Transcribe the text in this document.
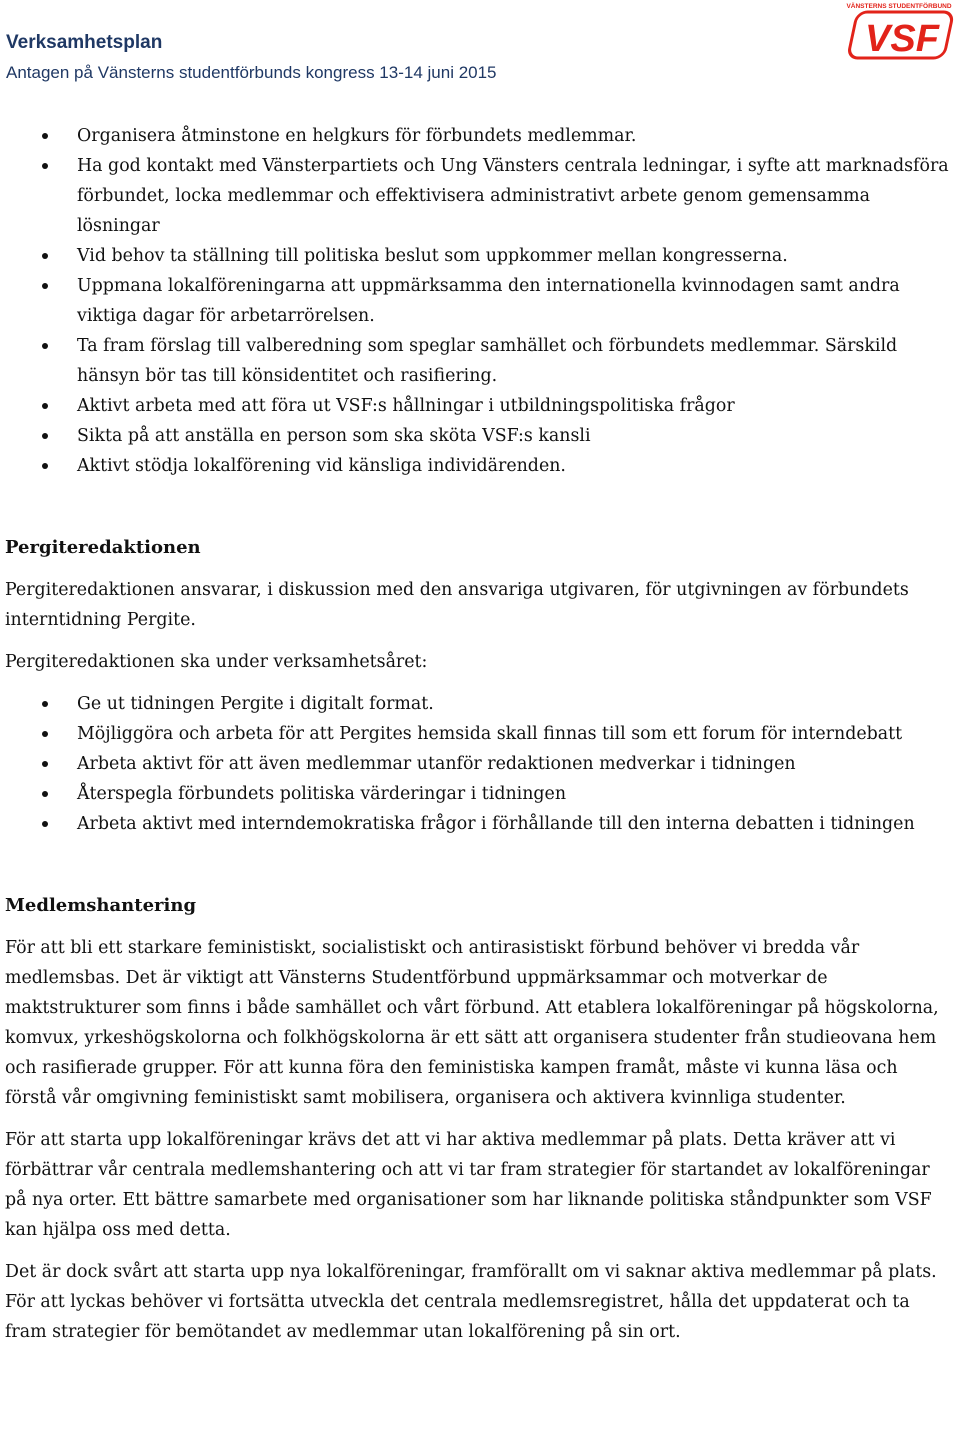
Verksamhetsplan
Antagen på Vänsterns studentförbunds kongress 13-14 juni 2015
VÄNSTERNS STUDENTFÖRBUND
VSF
Organisera åtminstone en helgkurs för förbundets medlemmar.
Ha god kontakt med Vänsterpartiets och Ung Vänsters centrala ledningar, i syfte att marknadsföra förbundet, locka medlemmar och effektivisera administrativt arbete genom gemensamma lösningar
Vid behov ta ställning till politiska beslut som uppkommer mellan kongresserna.
Uppmana lokalföreningarna att uppmärksamma den internationella kvinnodagen samt andra viktiga dagar för arbetarrörelsen.
Ta fram förslag till valberedning som speglar samhället och förbundets medlemmar. Särskild hänsyn bör tas till könsidentitet och rasifiering.
Aktivt arbeta med att föra ut VSF:s hållningar i utbildningspolitiska frågor
Sikta på att anställa en person som ska sköta VSF:s kansli
Aktivt stödja lokalförening vid känsliga individärenden.
Pergiteredaktionen

Pergiteredaktionen ansvarar, i diskussion med den ansvariga utgivaren, för utgivningen av förbundets interntidning Pergite.

Pergiteredaktionen ska under verksamhetsåret:

Ge ut tidningen Pergite i digitalt format.
Möjliggöra och arbeta för att Pergites hemsida skall finnas till som ett forum för interndebatt
Arbeta aktivt för att även medlemmar utanför redaktionen medverkar i tidningen
Återspegla förbundets politiska värderingar i tidningen
Arbeta aktivt med interndemokratiska frågor i förhållande till den interna debatten i tidningen
Medlemshantering

För att bli ett starkare feministiskt, socialistiskt och antirasistiskt förbund behöver vi bredda vår medlemsbas. Det är viktigt att Vänsterns Studentförbund uppmärksammar och motverkar de maktstrukturer som finns i både samhället och vårt förbund. Att etablera lokalföreningar på högskolorna, komvux, yrkeshögskolorna och folkhögskolorna är ett sätt att organisera studenter från studieovana hem och rasifierade grupper. För att kunna föra den feministiska kampen framåt, måste vi kunna läsa och förstå vår omgivning feministiskt samt mobilisera, organisera och aktivera kvinnliga studenter.

För att starta upp lokalföreningar krävs det att vi har aktiva medlemmar på plats. Detta kräver att vi förbättrar vår centrala medlemshantering och att vi tar fram strategier för startandet av lokalföreningar på nya orter. Ett bättre samarbete med organisationer som har liknande politiska ståndpunkter som VSF kan hjälpa oss med detta.

Det är dock svårt att starta upp nya lokalföreningar, framförallt om vi saknar aktiva medlemmar på plats. För att lyckas behöver vi fortsätta utveckla det centrala medlemsregistret, hålla det uppdaterat och ta fram strategier för bemötandet av medlemmar utan lokalförening på sin ort.
